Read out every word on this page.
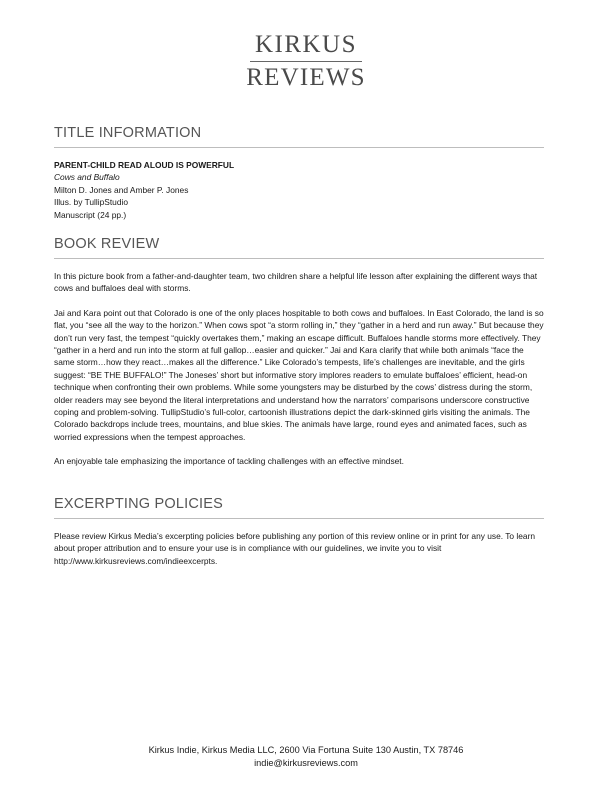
KIRKUS
REVIEWS
TITLE INFORMATION
PARENT-CHILD READ ALOUD IS POWERFUL
Cows and Buffalo
Milton D. Jones and Amber P. Jones
Illus. by TullipStudio
Manuscript (24 pp.)
BOOK REVIEW

In this picture book from a father-and-daughter team, two children share a helpful life lesson after explaining the different ways that cows and buffaloes deal with storms.

Jai and Kara point out that Colorado is one of the only places hospitable to both cows and buffaloes. In East Colorado, the land is so flat, you “see all the way to the horizon.” When cows spot “a storm rolling in,” they “gather in a herd and run away.” But because they don’t run very fast, the tempest “quickly overtakes them,” making an escape difficult. Buffaloes handle storms more effectively. They “gather in a herd and run into the storm at full gallop…easier and quicker.” Jai and Kara clarify that while both animals “face the same storm…how they react…makes all the difference.” Like Colorado’s tempests, life’s challenges are inevitable, and the girls suggest: “BE THE BUFFALO!” The Joneses’ short but informative story implores readers to emulate buffaloes’ efficient, head-on technique when confronting their own problems. While some youngsters may be disturbed by the cows’ distress during the storm, older readers may see beyond the literal interpretations and understand how the narrators’ comparisons underscore constructive coping and problem-solving. TullipStudio’s full-color, cartoonish illustrations depict the dark-skinned girls visiting the animals. The Colorado backdrops include trees, mountains, and blue skies. The animals have large, round eyes and animated faces, such as worried expressions when the tempest approaches.

An enjoyable tale emphasizing the importance of tackling challenges with an effective mindset.

EXCERPTING POLICIES

Please review Kirkus Media’s excerpting policies before publishing any portion of this review online or in print for any use. To learn about proper attribution and to ensure your use is in compliance with our guidelines, we invite you to visit http://www.kirkusreviews.com/indieexcerpts.

Kirkus Indie, Kirkus Media LLC, 2600 Via Fortuna Suite 130 Austin, TX 78746
indie@kirkusreviews.com
